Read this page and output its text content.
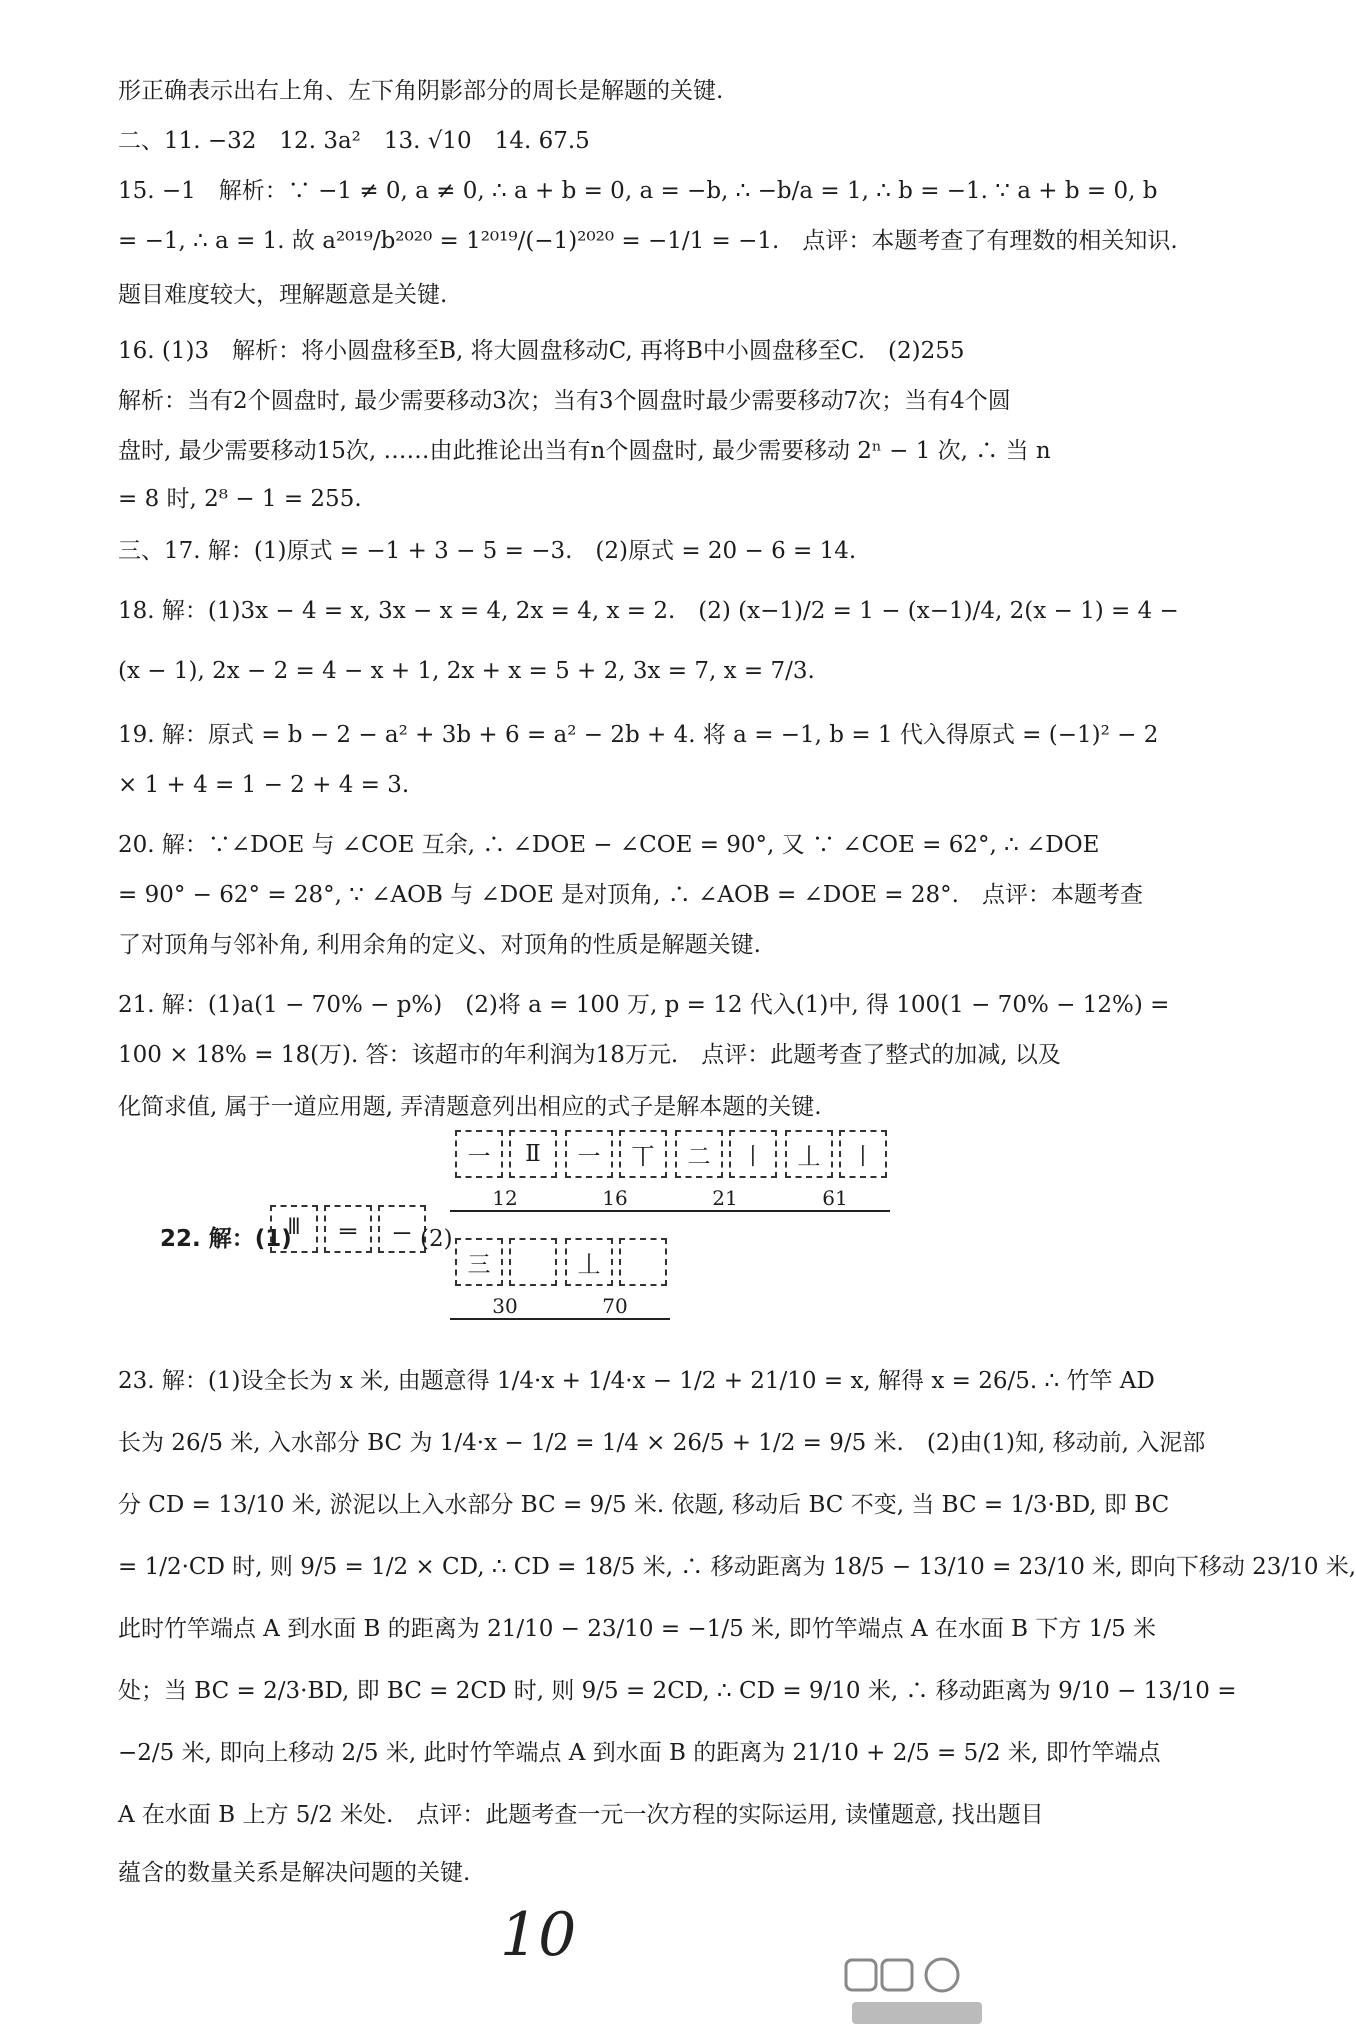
形正确表示出右上角、左下角阴影部分的周长是解题的关键.
二、11. −32　12. 3a²　13. √10　14. 67.5
15. −1　解析：∵ −1 ≠ 0, a ≠ 0, ∴ a + b = 0, a = −b, ∴ −b/a = 1, ∴ b = −1. ∵ a + b = 0, b
= −1, ∴ a = 1. 故 a²⁰¹⁹/b²⁰²⁰ = 1²⁰¹⁹/(−1)²⁰²⁰ = −1/1 = −1.　点评：本题考查了有理数的相关知识.
题目难度较大，理解题意是关键.
16. (1)3　解析：将小圆盘移至B, 将大圆盘移动C, 再将B中小圆盘移至C.　(2)255
解析：当有2个圆盘时, 最少需要移动3次；当有3个圆盘时最少需要移动7次；当有4个圆
盘时, 最少需要移动15次, ……由此推论出当有n个圆盘时, 最少需要移动 2ⁿ − 1 次, ∴ 当 n
= 8 时, 2⁸ − 1 = 255.
三、17. 解：(1)原式 = −1 + 3 − 5 = −3.　(2)原式 = 20 − 6 = 14.
18. 解：(1)3x − 4 = x, 3x − x = 4, 2x = 4, x = 2.　(2) (x−1)/2 = 1 − (x−1)/4, 2(x − 1) = 4 −
(x − 1), 2x − 2 = 4 − x + 1, 2x + x = 5 + 2, 3x = 7, x = 7/3.
19. 解：原式 = b − 2 − a² + 3b + 6 = a² − 2b + 4. 将 a = −1, b = 1 代入得原式 = (−1)² − 2
× 1 + 4 = 1 − 2 + 4 = 3.
20. 解：∵∠DOE 与 ∠COE 互余, ∴ ∠DOE − ∠COE = 90°, 又 ∵ ∠COE = 62°, ∴ ∠DOE
= 90° − 62° = 28°, ∵ ∠AOB 与 ∠DOE 是对顶角, ∴ ∠AOB = ∠DOE = 28°.　点评：本题考查
了对顶角与邻补角, 利用余角的定义、对顶角的性质是解题关键.
21. 解：(1)a(1 − 70% − p%)　(2)将 a = 100 万, p = 12 代入(1)中, 得 100(1 − 70% − 12%) =
100 × 18% = 18(万). 答：该超市的年利润为18万元.　点评：此题考查了整式的加减, 以及
化简求值, 属于一道应用题, 弄清题意列出相应的式子是解本题的关键.
22. 解：(1)
𝍫 𝍡 𝍠 (2)
一 Ⅱ
12
一 丅
16
二 丨
21
丄 丨
61
三
30
丄
70
23. 解：(1)设全长为 x 米, 由题意得 1/4·x + 1/4·x − 1/2 + 21/10 = x, 解得 x = 26/5. ∴ 竹竿 AD
长为 26/5 米, 入水部分 BC 为 1/4·x − 1/2 = 1/4 × 26/5 + 1/2 = 9/5 米.　(2)由(1)知, 移动前, 入泥部
分 CD = 13/10 米, 淤泥以上入水部分 BC = 9/5 米. 依题, 移动后 BC 不变, 当 BC = 1/3·BD, 即 BC
= 1/2·CD 时, 则 9/5 = 1/2 × CD, ∴ CD = 18/5 米, ∴ 移动距离为 18/5 − 13/10 = 23/10 米, 即向下移动 23/10 米,
此时竹竿端点 A 到水面 B 的距离为 21/10 − 23/10 = −1/5 米, 即竹竿端点 A 在水面 B 下方 1/5 米
处；当 BC = 2/3·BD, 即 BC = 2CD 时, 则 9/5 = 2CD, ∴ CD = 9/10 米, ∴ 移动距离为 9/10 − 13/10 =
−2/5 米, 即向上移动 2/5 米, 此时竹竿端点 A 到水面 B 的距离为 21/10 + 2/5 = 5/2 米, 即竹竿端点
A 在水面 B 上方 5/2 米处.　点评：此题考查一元一次方程的实际运用, 读懂题意, 找出题目
蕴含的数量关系是解决问题的关键.
10
